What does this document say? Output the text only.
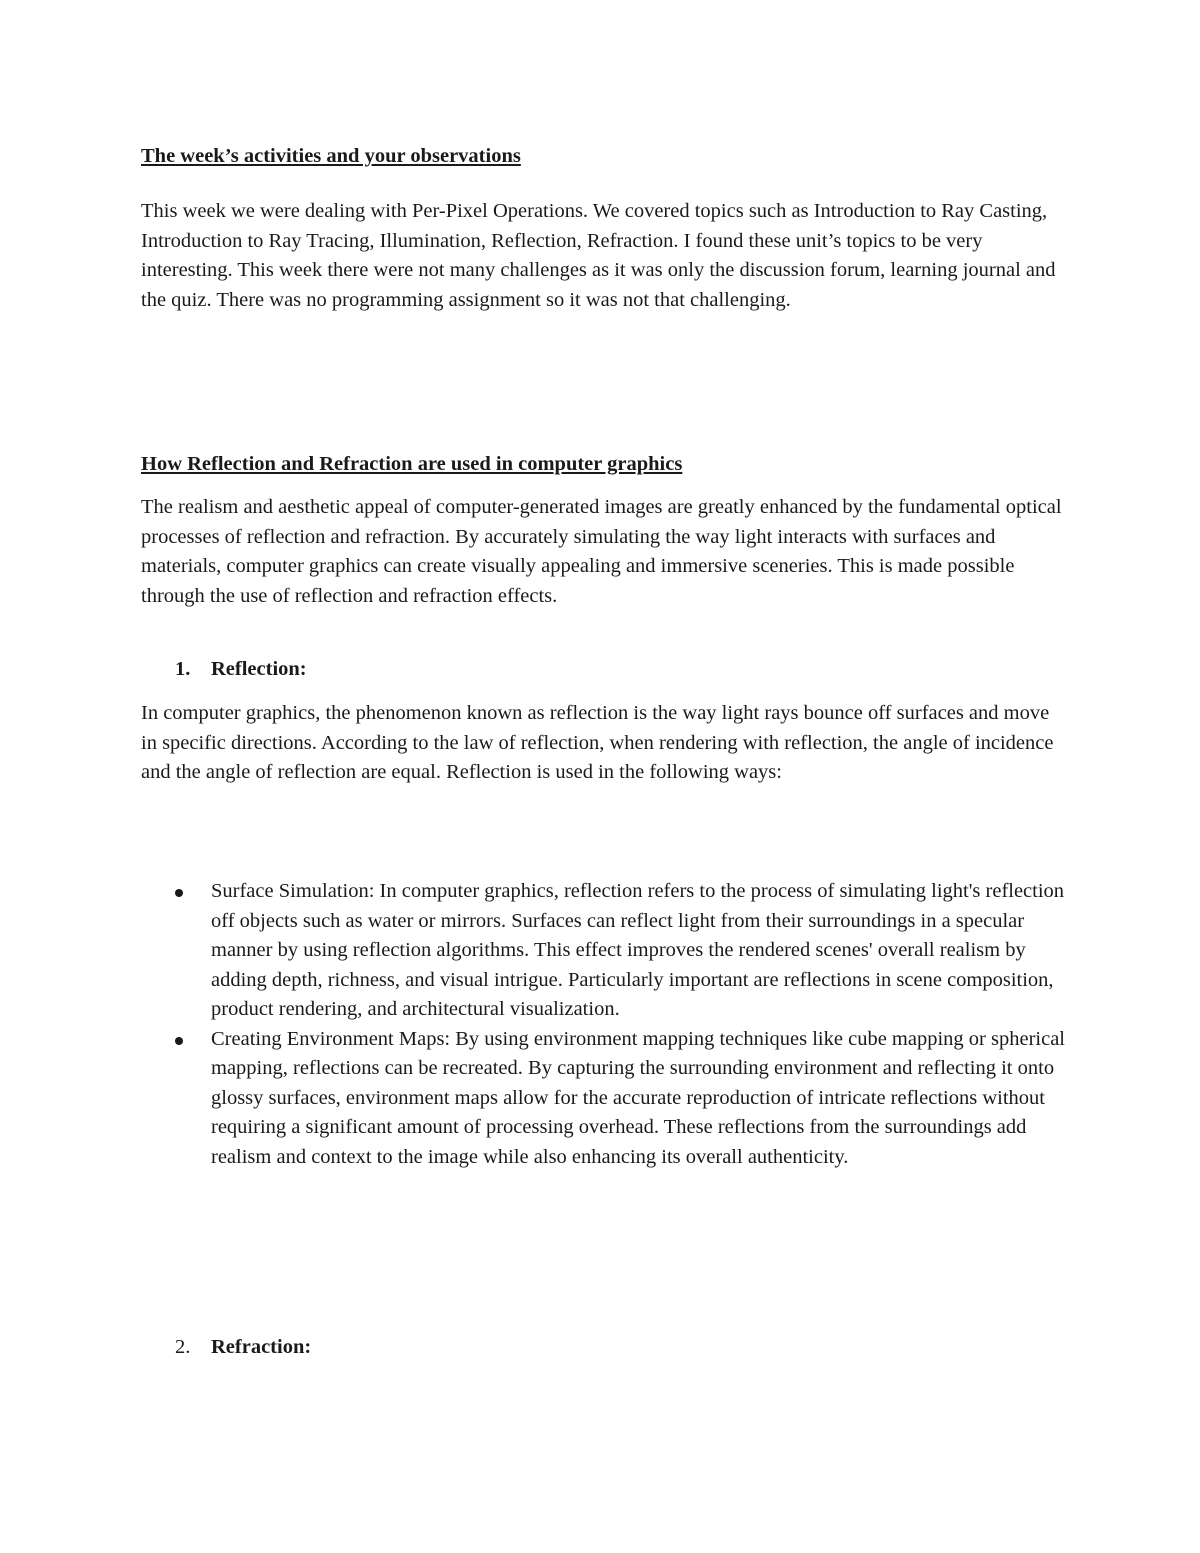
The week’s activities and your observations

This week we were dealing with Per-Pixel Operations. We covered topics such as Introduction to Ray Casting, Introduction to Ray Tracing, Illumination, Reflection, Refraction. I found these unit’s topics to be very interesting. This week there were not many challenges as it was only the discussion forum, learning journal and the quiz. There was no programming assignment so it was not that challenging.

How Reflection and Refraction are used in computer graphics

The realism and aesthetic appeal of computer-generated images are greatly enhanced by the fundamental optical processes of reflection and refraction. By accurately simulating the way light interacts with surfaces and materials, computer graphics can create visually appealing and immersive sceneries. This is made possible through the use of reflection and refraction effects.

1. Reflection:

In computer graphics, the phenomenon known as reflection is the way light rays bounce off surfaces and move in specific directions. According to the law of reflection, when rendering with reflection, the angle of incidence and the angle of reflection are equal. Reflection is used in the following ways:

Surface Simulation: In computer graphics, reflection refers to the process of simulating light's reflection off objects such as water or mirrors. Surfaces can reflect light from their surroundings in a specular manner by using reflection algorithms. This effect improves the rendered scenes' overall realism by adding depth, richness, and visual intrigue. Particularly important are reflections in scene composition, product rendering, and architectural visualization.
Creating Environment Maps: By using environment mapping techniques like cube mapping or spherical mapping, reflections can be recreated. By capturing the surrounding environment and reflecting it onto glossy surfaces, environment maps allow for the accurate reproduction of intricate reflections without requiring a significant amount of processing overhead. These reflections from the surroundings add realism and context to the image while also enhancing its overall authenticity.
2. Refraction:
